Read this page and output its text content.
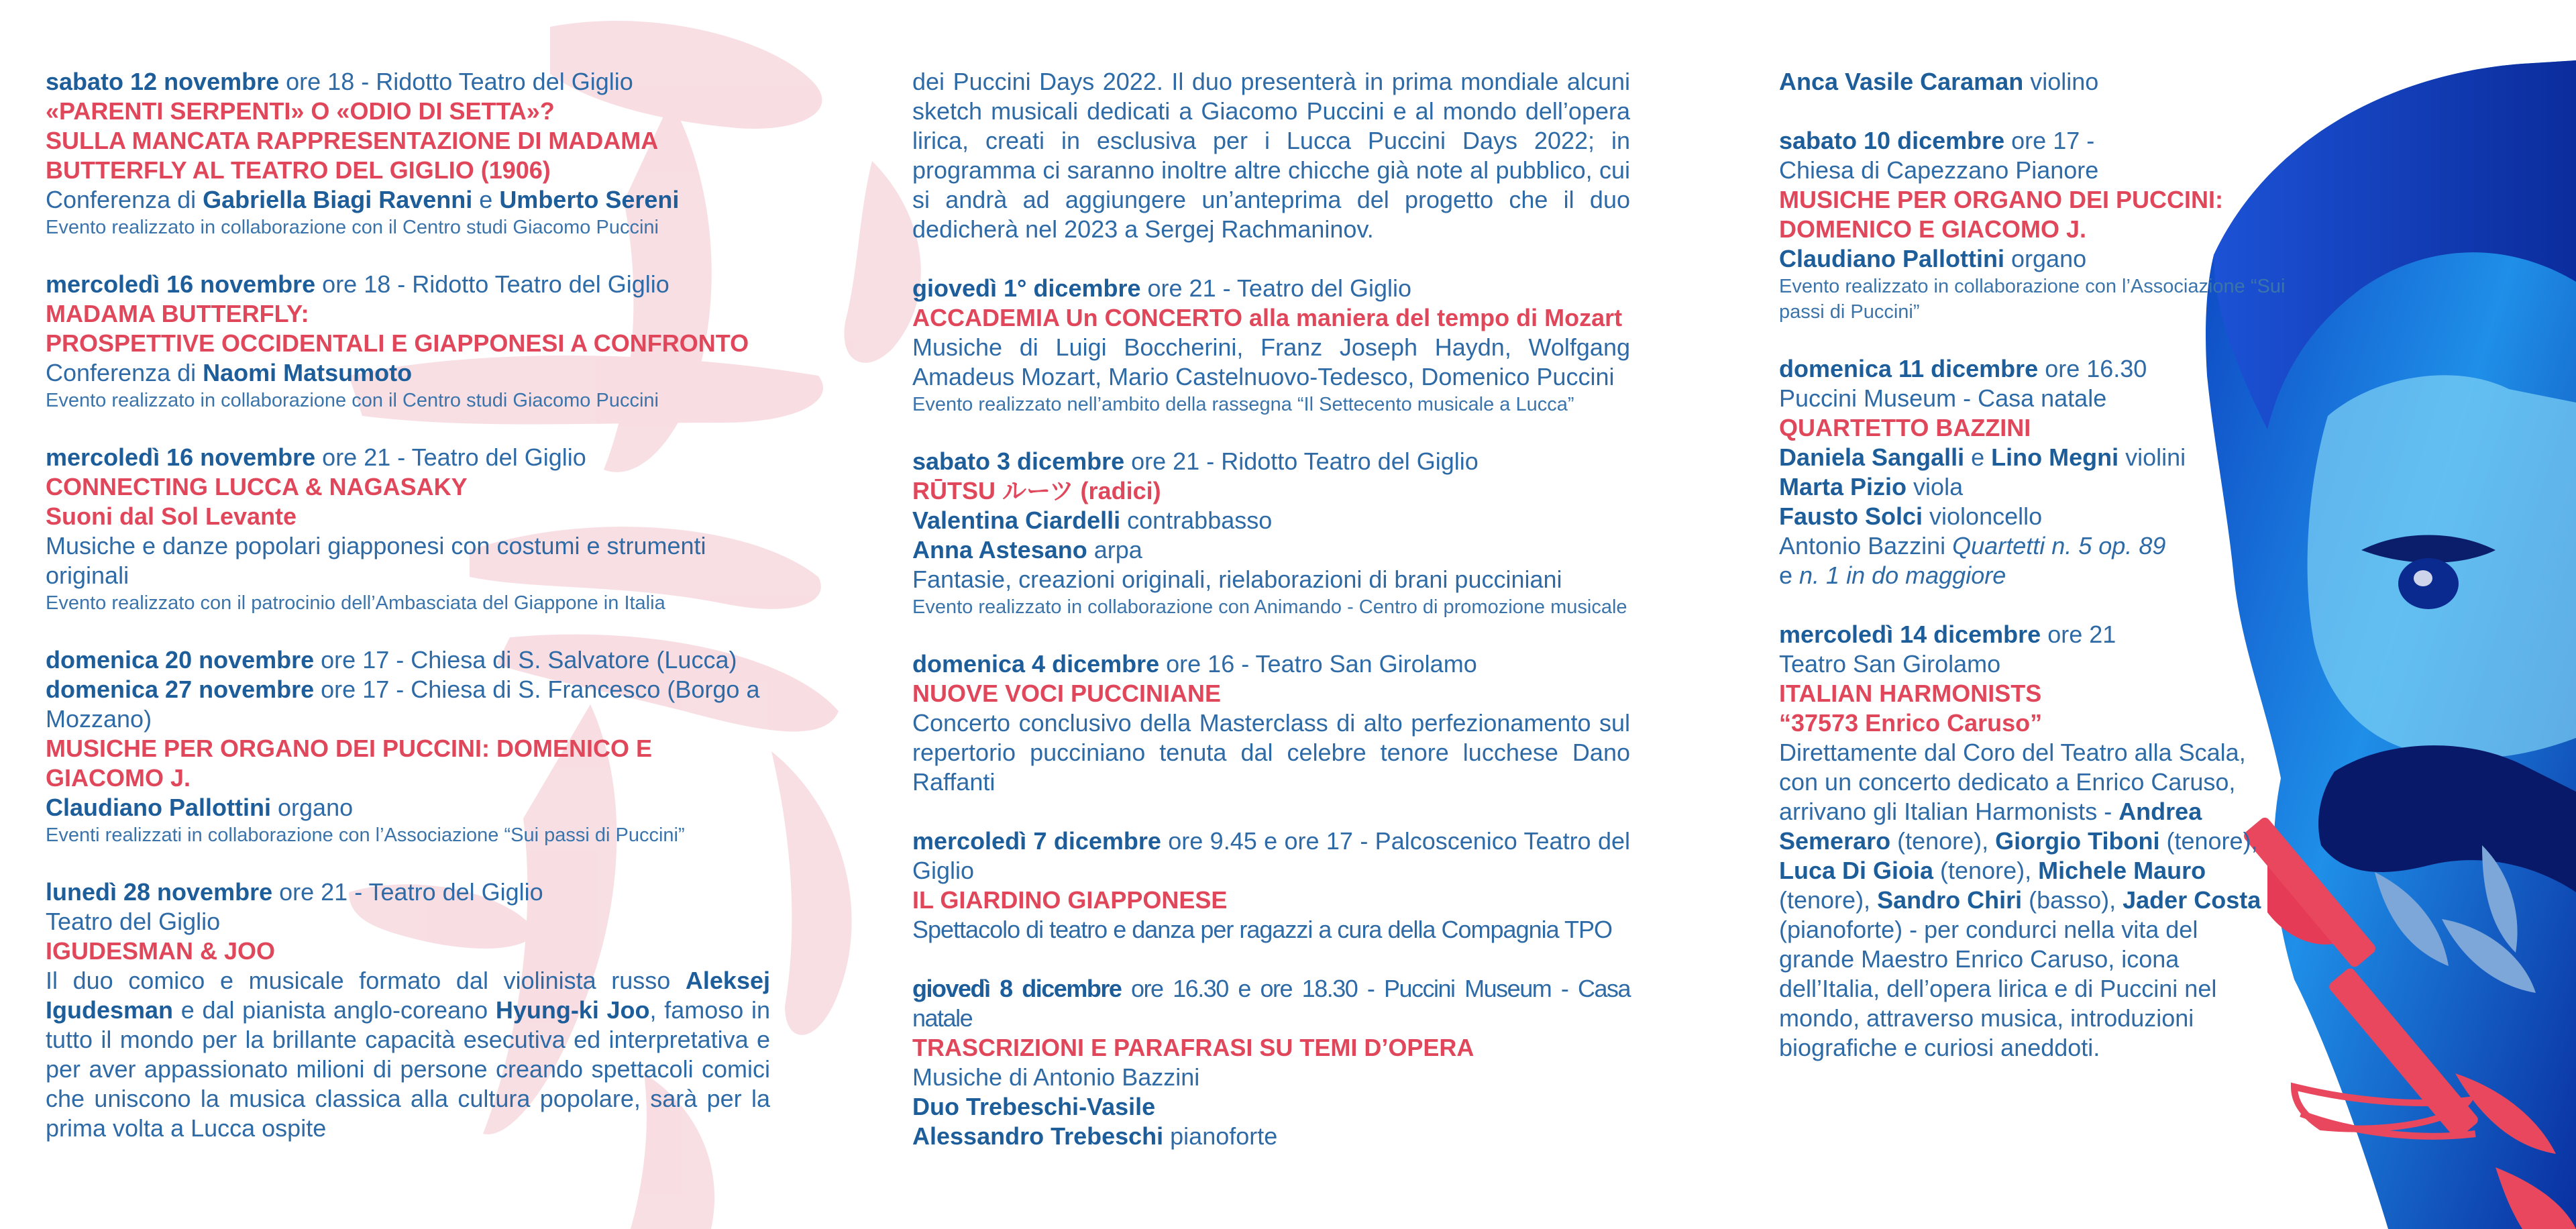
sabato 12 novembre ore 18 - Ridotto Teatro del Giglio

«PARENTI SERPENTI» O «ODIO DI SETTA»?

SULLA MANCATA RAPPRESENTAZIONE DI MADAMA BUTTERFLY AL TEATRO DEL GIGLIO (1906)

Conferenza di Gabriella Biagi Ravenni e Umberto Sereni

Evento realizzato in collaborazione con il Centro studi Giacomo Puccini

mercoledì 16 novembre ore 18 - Ridotto Teatro del Giglio

MADAMA BUTTERFLY:

PROSPETTIVE OCCIDENTALI E GIAPPONESI A CONFRONTO

Conferenza di Naomi Matsumoto

Evento realizzato in collaborazione con il Centro studi Giacomo Puccini

mercoledì 16 novembre ore 21 - Teatro del Giglio

CONNECTING LUCCA & NAGASAKY

Suoni dal Sol Levante

Musiche e danze popolari giapponesi con costumi e strumenti originali

Evento realizzato con il patrocinio dell’Ambasciata del Giappone in Italia

domenica 20 novembre ore 17 - Chiesa di S. Salvatore (Lucca)

domenica 27 novembre ore 17 - Chiesa di S. Francesco (Borgo a Mozzano)

MUSICHE PER ORGANO DEI PUCCINI: DOMENICO E GIACOMO J.

Claudiano Pallottini organo

Eventi realizzati in collaborazione con l’Associazione “Sui passi di Puccini”

lunedì 28 novembre ore 21 - Teatro del Giglio

Teatro del Giglio

IGUDESMAN & JOO

Il duo comico e musicale formato dal violinista russo Aleksej Igudesman e dal pianista anglo-coreano Hyung-ki Joo, famoso in tutto il mondo per la brillante capacità esecutiva ed interpretativa e per aver appassionato milioni di persone creando spettacoli comici che uniscono la musica classica alla cultura popolare, sarà per la prima volta a Lucca ospite

dei Puccini Days 2022. Il duo presenterà in prima mondiale alcuni sketch musicali dedicati a Giacomo Puccini e al mondo dell’opera lirica, creati in esclusiva per i Lucca Puccini Days 2022; in programma ci saranno inoltre altre chicche già note al pubblico, cui si andrà ad aggiungere un’anteprima del progetto che il duo dedicherà nel 2023 a Sergej Rachmaninov.

giovedì 1° dicembre ore 21 - Teatro del Giglio

ACCADEMIA Un CONCERTO alla maniera del tempo di Mozart

Musiche di Luigi Boccherini, Franz Joseph Haydn, Wolfgang Amadeus Mozart, Mario Castelnuovo-Tedesco, Domenico Puccini

Evento realizzato nell’ambito della rassegna “Il Settecento musicale a Lucca”

sabato 3 dicembre ore 21 - Ridotto Teatro del Giglio

RŪTSU ルーツ (radici)

Valentina Ciardelli contrabbasso

Anna Astesano arpa

Fantasie, creazioni originali, rielaborazioni di brani pucciniani

Evento realizzato in collaborazione con Animando - Centro di promozione musicale

domenica 4 dicembre ore 16 - Teatro San Girolamo

NUOVE VOCI PUCCINIANE

Concerto conclusivo della Masterclass di alto perfezionamento sul repertorio pucciniano tenuta dal celebre tenore lucchese Dano Raffanti

mercoledì 7 dicembre ore 9.45 e ore 17 - Palcoscenico Teatro del Giglio

IL GIARDINO GIAPPONESE

Spettacolo di teatro e danza per ragazzi a cura della Compagnia TPO

giovedì 8 dicembre ore 16.30 e ore 18.30 - Puccini Museum - Casa natale

TRASCRIZIONI E PARAFRASI SU TEMI D’OPERA

Musiche di Antonio Bazzini

Duo Trebeschi-Vasile

Alessandro Trebeschi pianoforte

Anca Vasile Caraman violino

sabato 10 dicembre ore 17 -

Chiesa di Capezzano Pianore

MUSICHE PER ORGANO DEI PUCCINI: DOMENICO E GIACOMO J.

Claudiano Pallottini organo

Evento realizzato in collaborazione con l’Associazione “Sui passi di Puccini”

domenica 11 dicembre ore 16.30

Puccini Museum - Casa natale

QUARTETTO BAZZINI

Daniela Sangalli e Lino Megni violini

Marta Pizio viola

Fausto Solci violoncello

Antonio Bazzini Quartetti n. 5 op. 89

e n. 1 in do maggiore

mercoledì 14 dicembre ore 21

Teatro San Girolamo

ITALIAN HARMONISTS

“37573 Enrico Caruso”

Direttamente dal Coro del Teatro alla Scala, con un concerto dedicato a Enrico Caruso, arrivano gli Italian Harmonists - Andrea Semeraro (tenore), Giorgio Tiboni (tenore), Luca Di Gioia (tenore), Michele Mauro (tenore), Sandro Chiri (basso), Jader Costa (pianoforte) - per condurci nella vita del grande Maestro Enrico Caruso, icona dell’Italia, dell’opera lirica e di Puccini nel mondo, attraverso musica, introduzioni biografiche e curiosi aneddoti.
